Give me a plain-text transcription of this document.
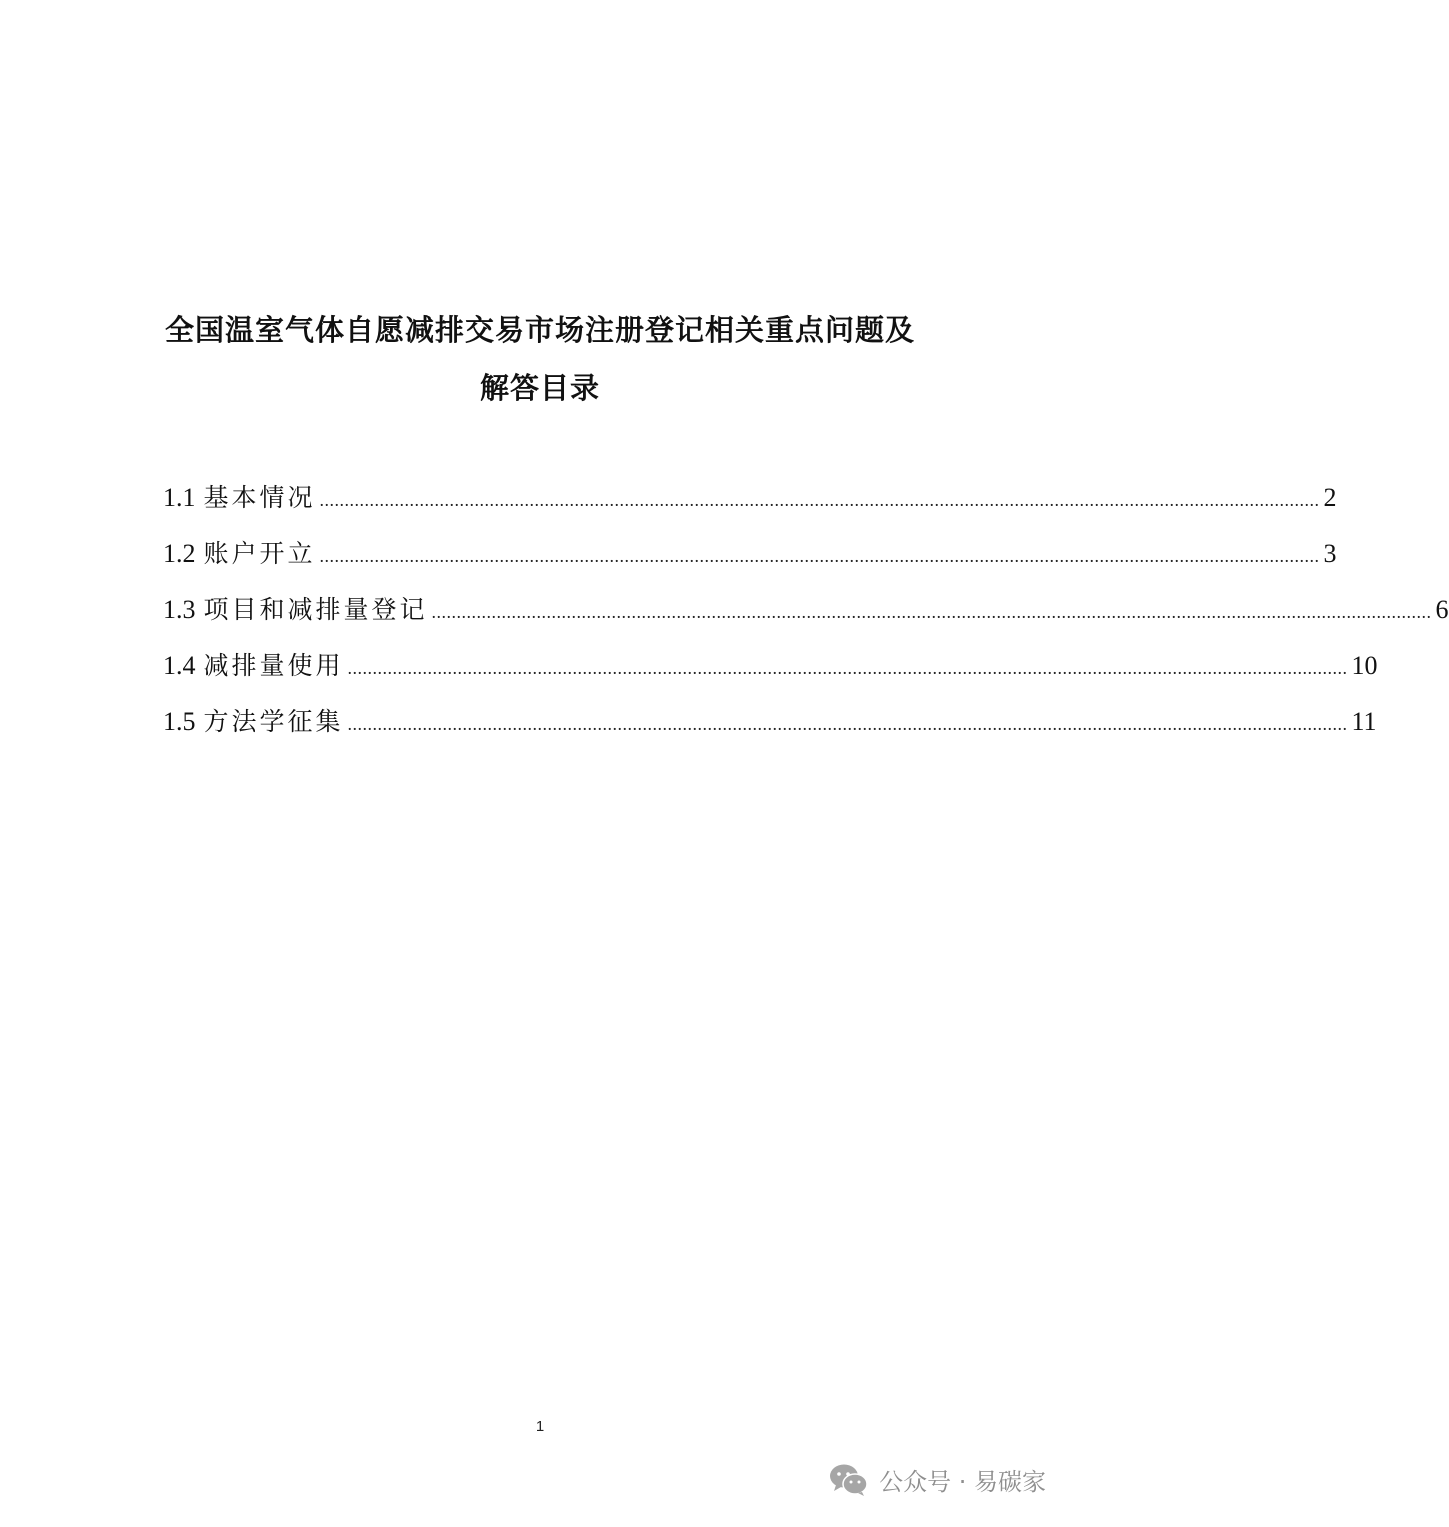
全国温室气体自愿减排交易市场注册登记相关重点问题及
解答目录
1.1 基本情况 ........................................................................................................................................................................................................ 2
1.2 账户开立 ........................................................................................................................................................................................................ 3
1.3 项目和减排量登记 ........................................................................................................................................................................................................ 6
1.4 减排量使用 ........................................................................................................................................................................................................ 10
1.5 方法学征集 ........................................................................................................................................................................................................ 11
1
公众号 · 易碳家
